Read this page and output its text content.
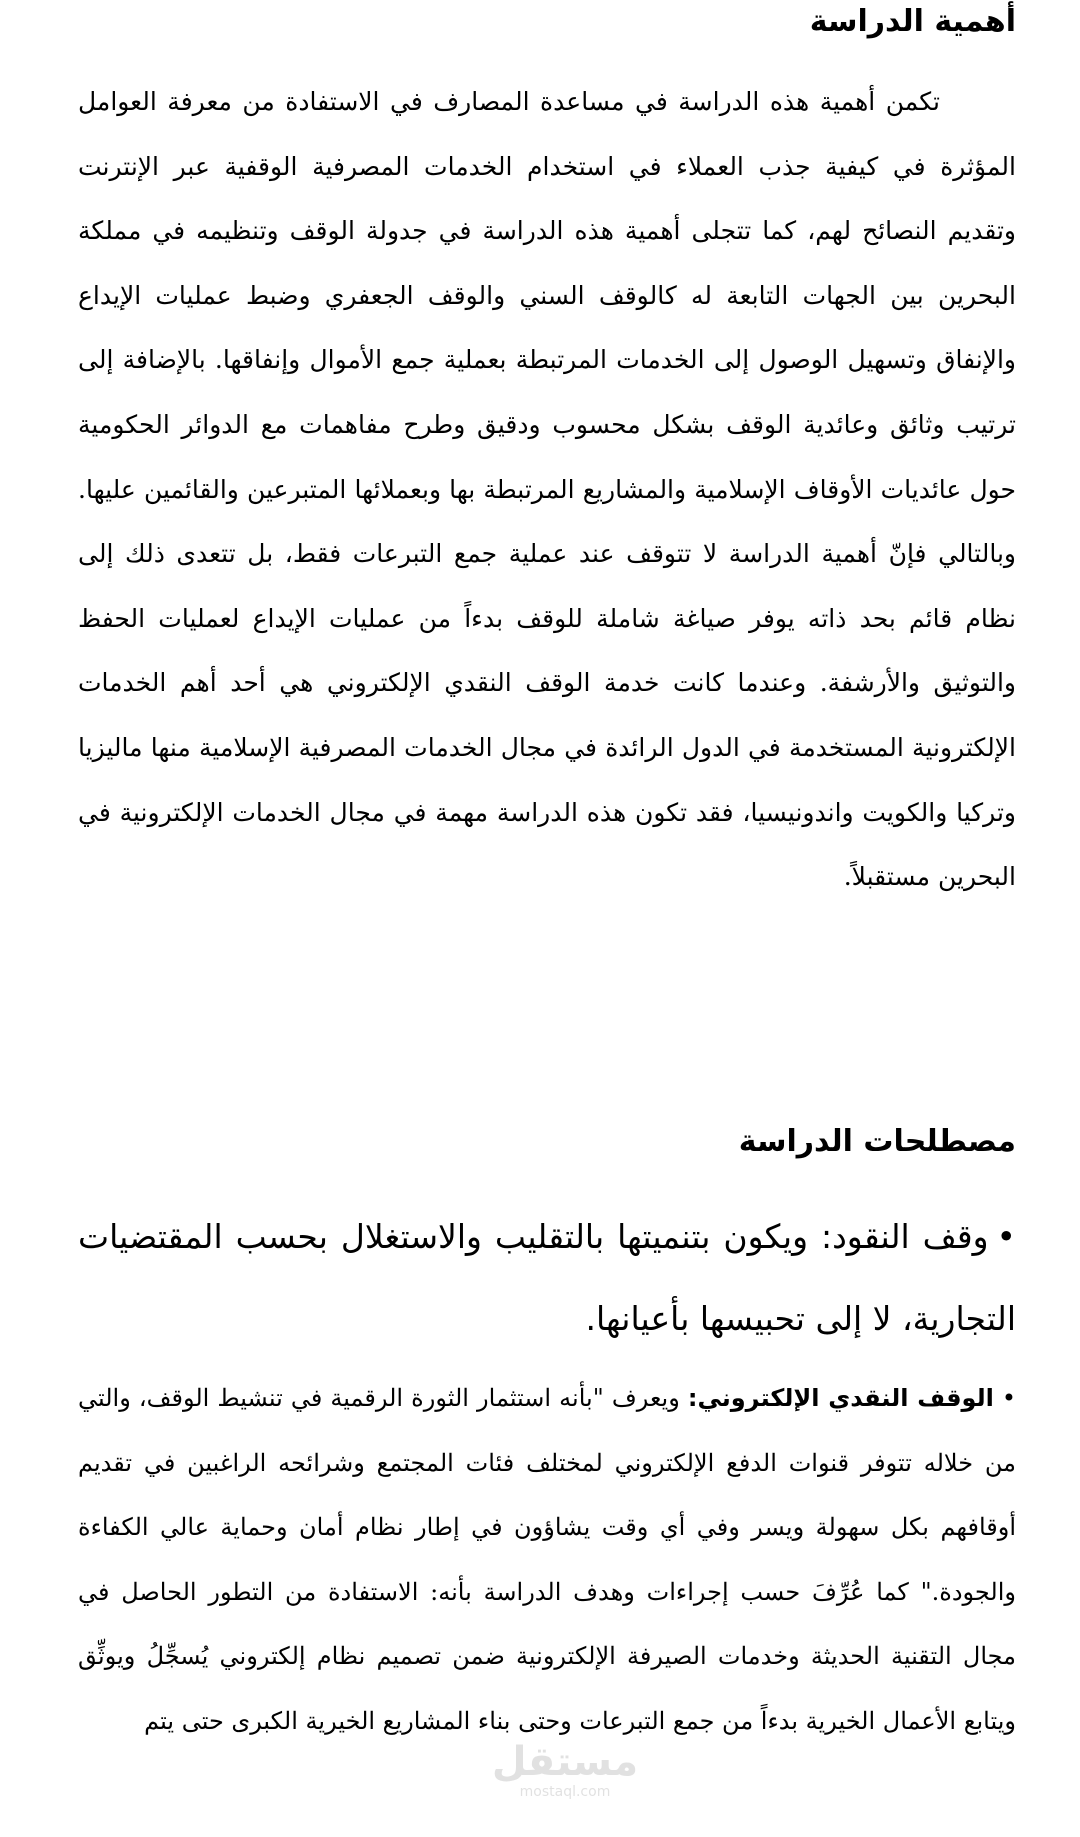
أهمية الدراسة

تكمن أهمية هذه الدراسة في مساعدة المصارف في الاستفادة من معرفة العوامل المؤثرة في كيفية جذب العملاء في استخدام الخدمات المصرفية الوقفية عبر الإنترنت وتقديم النصائح لهم، كما تتجلى أهمية هذه الدراسة في جدولة الوقف وتنظيمه في مملكة البحرين بين الجهات التابعة له كالوقف السني والوقف الجعفري وضبط عمليات الإيداع والإنفاق وتسهيل الوصول إلى الخدمات المرتبطة بعملية جمع الأموال وإنفاقها. بالإضافة إلى ترتيب وثائق وعائدية الوقف بشكل محسوب ودقيق وطرح مفاهمات مع الدوائر الحكومية حول عائديات الأوقاف الإسلامية والمشاريع المرتبطة بها وبعملائها المتبرعين والقائمين عليها. وبالتالي فإنّ أهمية الدراسة لا تتوقف عند عملية جمع التبرعات فقط، بل تتعدى ذلك إلى نظام قائم بحد ذاته يوفر صياغة شاملة للوقف بدءاً من عمليات الإيداع لعمليات الحفظ والتوثيق والأرشفة. وعندما كانت خدمة الوقف النقدي الإلكتروني هي أحد أهم الخدمات الإلكترونية المستخدمة في الدول الرائدة في مجال الخدمات المصرفية الإسلامية منها ماليزيا وتركيا والكويت واندونيسيا، فقد تكون هذه الدراسة مهمة في مجال الخدمات الإلكترونية في البحرين مستقبلاً.

مصطلحات الدراسة
•وقف النقود: ويكون بتنميتها بالتقليب والاستغلال بحسب المقتضيات التجارية، لا إلى تحبيسها بأعيانها.
•الوقف النقدي الإلكتروني: ويعرف "بأنه استثمار الثورة الرقمية في تنشيط الوقف، والتي من خلاله تتوفر قنوات الدفع الإلكتروني لمختلف فئات المجتمع وشرائحه الراغبين في تقديم أوقافهم بكل سهولة ويسر وفي أي وقت يشاؤون في إطار نظام أمان وحماية عالي الكفاءة والجودة." كما عُرِّفَ حسب إجراءات وهدف الدراسة بأنه: الاستفادة من التطور الحاصل في مجال التقنية الحديثة وخدمات الصيرفة الإلكترونية ضمن تصميم نظام إلكتروني يُسجِّلُ ويوثِّق ويتابع الأعمال الخيرية بدءاً من جمع التبرعات وحتى بناء المشاريع الخيرية الكبرى حتى يتم
مستقل
mostaql.com
